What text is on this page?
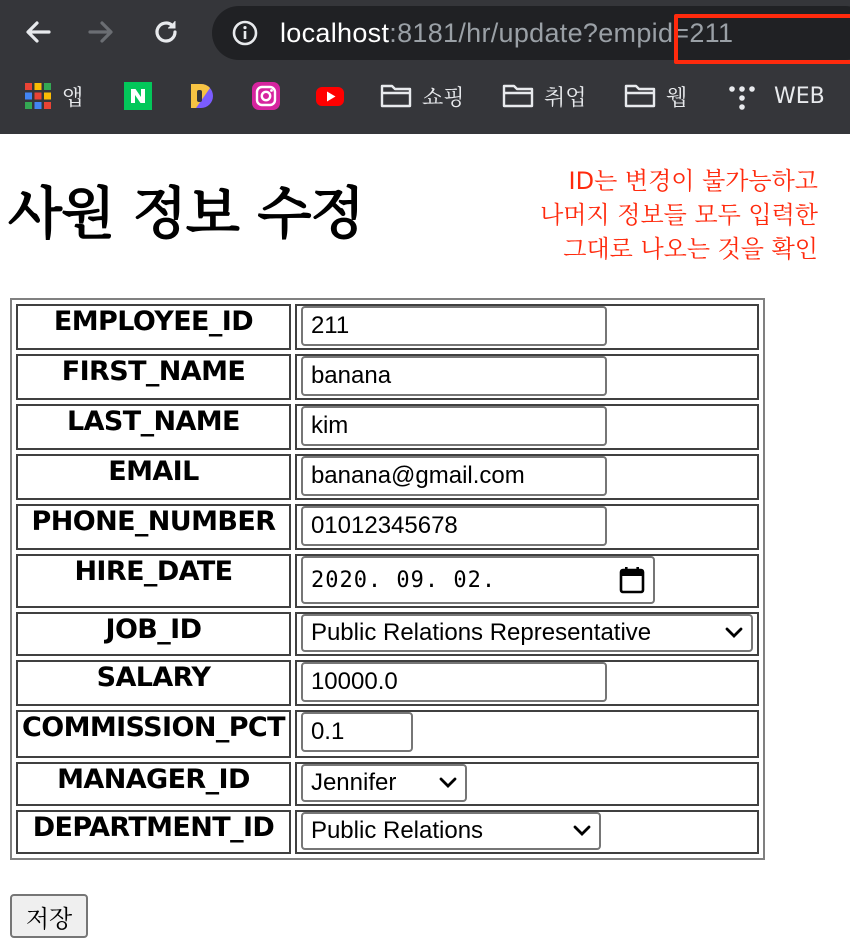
localhost:8181/hr/update?empid=211
앱	쇼핑	취업	웹	WEB
사원 정보 수정
ID는 변경이 불가능하고
나머지 정보들 모두 입력한
그대로 나오는 것을 확인
EMPLOYEE_ID	211

FIRST_NAME	banana

LAST_NAME	kim

EMAIL	banana@gmail.com

PHONE_NUMBER	01012345678

HIRE_DATE	2020. 09. 02.

JOB_ID	Public Relations Representative

SALARY	10000.0

COMMISSION_PCT	0.1

MANAGER_ID	Jennifer

DEPARTMENT_ID	Public Relations
저장
